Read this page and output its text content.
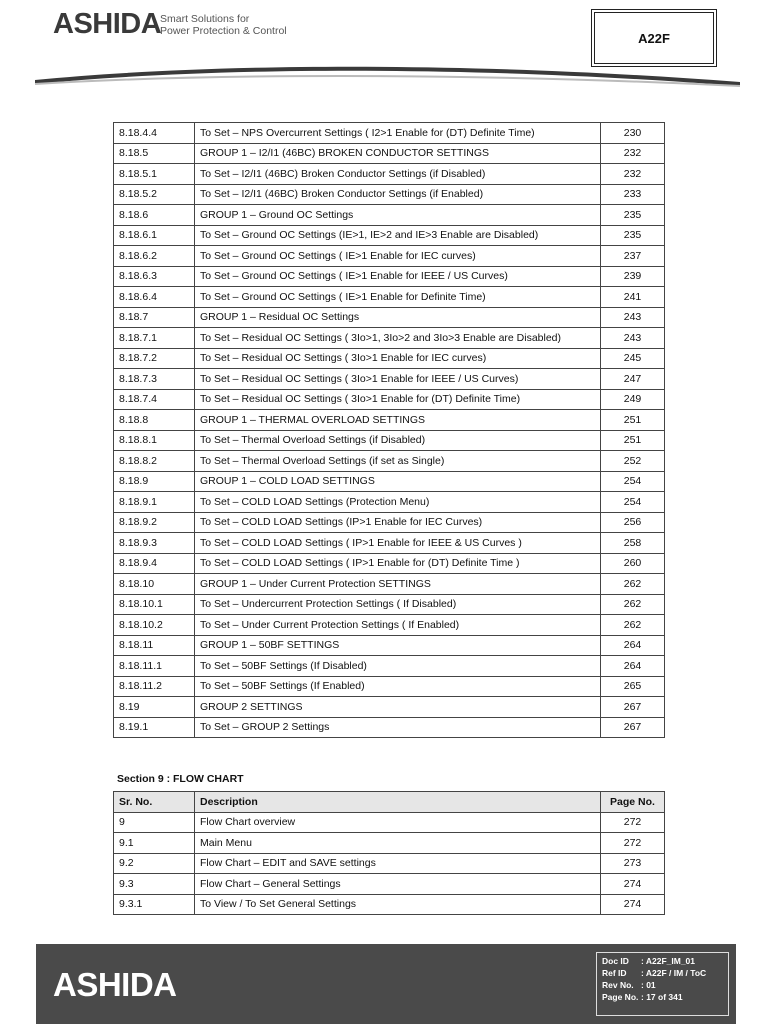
ASHIDA
Smart Solutions for
Power Protection & Control	A22F
8.18.4.4	To Set – NPS Overcurrent Settings ( I2>1 Enable for (DT) Definite Time)	230
8.18.5	GROUP 1 – I2/I1 (46BC) BROKEN CONDUCTOR SETTINGS	232
8.18.5.1	To Set – I2/I1 (46BC) Broken Conductor Settings (if Disabled)	232
8.18.5.2	To Set – I2/I1 (46BC) Broken Conductor Settings (if Enabled)	233
8.18.6	GROUP 1 – Ground OC Settings	235
8.18.6.1	To Set – Ground OC Settings (IE>1, IE>2 and IE>3 Enable are Disabled)	235
8.18.6.2	To Set – Ground OC Settings ( IE>1 Enable for IEC curves)	237
8.18.6.3	To Set – Ground OC Settings ( IE>1 Enable for IEEE / US Curves)	239
8.18.6.4	To Set – Ground OC Settings ( IE>1 Enable for Definite Time)	241
8.18.7	GROUP 1 – Residual OC Settings	243
8.18.7.1	To Set – Residual OC Settings ( 3Io>1, 3Io>2 and 3Io>3 Enable are Disabled)	243
8.18.7.2	To Set – Residual OC Settings ( 3Io>1 Enable for IEC curves)	245
8.18.7.3	To Set – Residual OC Settings ( 3Io>1 Enable for IEEE / US Curves)	247
8.18.7.4	To Set – Residual OC Settings ( 3Io>1 Enable for (DT) Definite Time)	249
8.18.8	GROUP 1 – THERMAL OVERLOAD SETTINGS	251
8.18.8.1	To Set – Thermal Overload Settings (if Disabled)	251
8.18.8.2	To Set – Thermal Overload Settings (if set as Single)	252
8.18.9	GROUP 1 – COLD LOAD SETTINGS	254
8.18.9.1	To Set – COLD LOAD Settings (Protection Menu)	254
8.18.9.2	To Set – COLD LOAD Settings (IP>1 Enable for IEC Curves)	256
8.18.9.3	To Set – COLD LOAD Settings ( IP>1 Enable for IEEE & US Curves )	258
8.18.9.4	To Set – COLD LOAD Settings ( IP>1 Enable for (DT) Definite Time )	260
8.18.10	GROUP 1 – Under Current Protection SETTINGS	262
8.18.10.1	To Set – Undercurrent Protection Settings ( If Disabled)	262
8.18.10.2	To Set – Under Current Protection Settings ( If Enabled)	262
8.18.11	GROUP 1 – 50BF SETTINGS	264
8.18.11.1	To Set – 50BF Settings (If Disabled)	264
8.18.11.2	To Set – 50BF Settings (If Enabled)	265
8.19	GROUP 2 SETTINGS	267
8.19.1	To Set – GROUP 2 Settings	267
Section 9 : FLOW CHART
Sr. No.	Description	Page No.
9	Flow Chart overview	272
9.1	Main Menu	272
9.2	Flow Chart – EDIT and SAVE settings	273
9.3	Flow Chart – General Settings	274
9.3.1	To View / To Set General Settings	274
ASHIDA
Doc ID	: A22F_IM_01
Ref ID	: A22F / IM / ToC
Rev No. : 01
Page No. : 17 of 341
